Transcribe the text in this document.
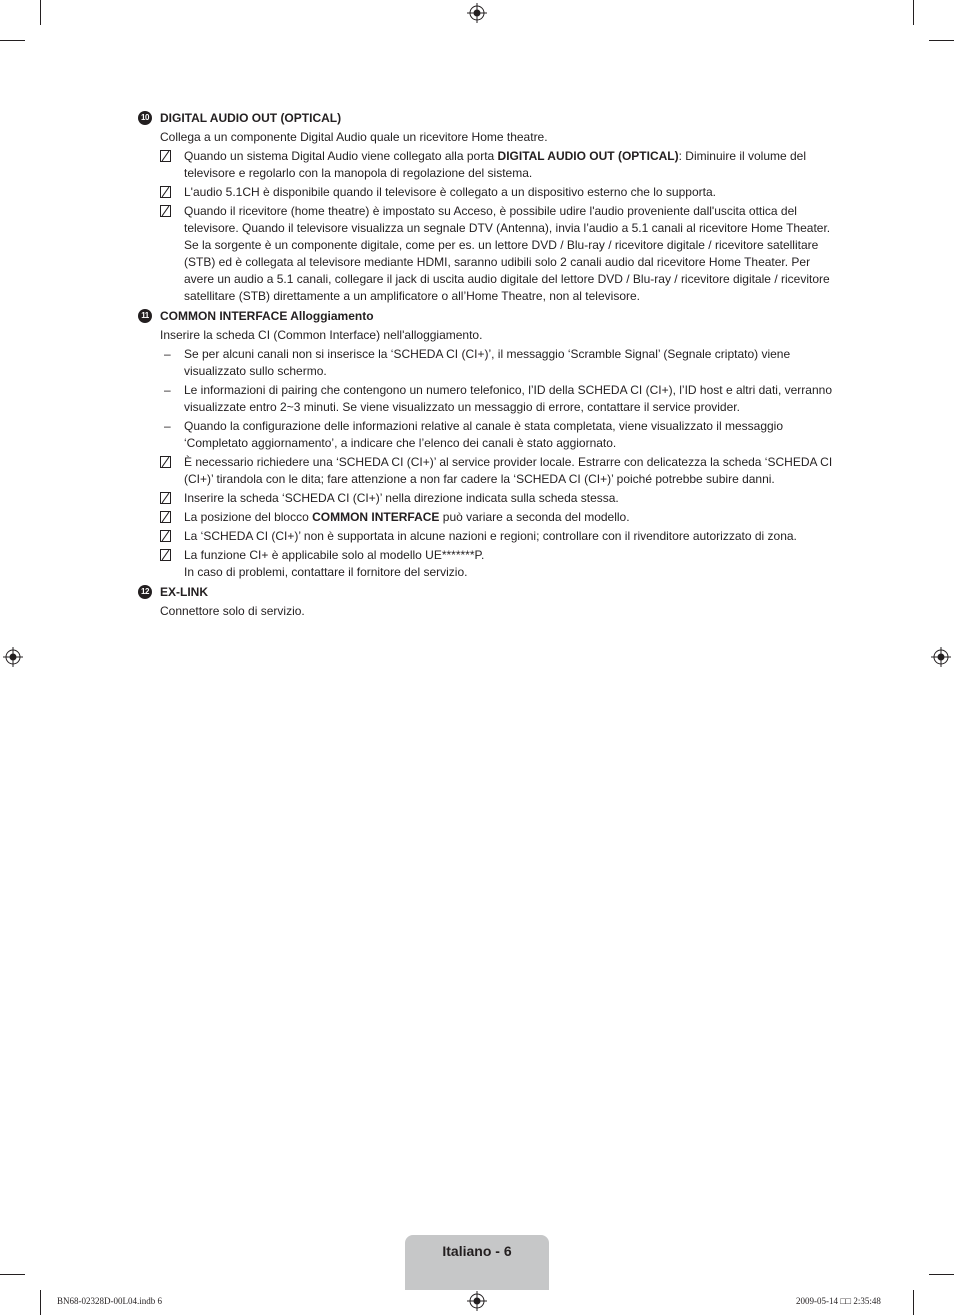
10 DIGITAL AUDIO OUT (OPTICAL)
Collega a un componente Digital Audio quale un ricevitore Home theatre.
Quando un sistema Digital Audio viene collegato alla porta DIGITAL AUDIO OUT (OPTICAL): Diminuire il volume del televisore e regolarlo con la manopola di regolazione del sistema.
L'audio 5.1CH è disponibile quando il televisore è collegato a un dispositivo esterno che lo supporta.
Quando il ricevitore (home theatre) è impostato su Acceso, è possibile udire l'audio proveniente dall'uscita ottica del televisore. Quando il televisore visualizza un segnale DTV (Antenna), invia l’audio a 5.1 canali al ricevitore Home Theater. Se la sorgente è un componente digitale, come per es. un lettore DVD / Blu-ray / ricevitore digitale / ricevitore satellitare (STB) ed è collegata al televisore mediante HDMI, saranno udibili solo 2 canali audio dal ricevitore Home Theater. Per avere un audio a 5.1 canali, collegare il jack di uscita audio digitale del lettore DVD / Blu-ray / ricevitore digitale / ricevitore satellitare (STB) direttamente a un amplificatore o all’Home Theatre, non al televisore.
11 COMMON INTERFACE Alloggiamento
Inserire la scheda CI (Common Interface) nell'alloggiamento.
– Se per alcuni canali non si inserisce la ‘SCHEDA CI (CI+)’, il messaggio ‘Scramble Signal’ (Segnale criptato) viene visualizzato sullo schermo.
– Le informazioni di pairing che contengono un numero telefonico, l’ID della SCHEDA CI (CI+), l’ID host e altri dati, verranno visualizzate entro 2~3 minuti. Se viene visualizzato un messaggio di errore, contattare il service provider.
– Quando la configurazione delle informazioni relative al canale è stata completata, viene visualizzato il messaggio ‘Completato aggiornamento’, a indicare che l’elenco dei canali è stato aggiornato.
È necessario richiedere una ‘SCHEDA CI (CI+)’ al service provider locale. Estrarre con delicatezza la scheda ‘SCHEDA CI (CI+)’ tirandola con le dita; fare attenzione a non far cadere la ‘SCHEDA CI (CI+)’ poiché potrebbe subire danni.
Inserire la scheda ‘SCHEDA CI (CI+)’ nella direzione indicata sulla scheda stessa.
La posizione del blocco COMMON INTERFACE può variare a seconda del modello.
La ‘SCHEDA CI (CI+)’ non è supportata in alcune nazioni e regioni; controllare con il rivenditore autorizzato di zona.
La funzione CI+ è applicabile solo al modello UE*******P.
In caso di problemi, contattare il fornitore del servizio.
12 EX-LINK
Connettore solo di servizio.
Italiano - 6
BN68-02328D-00L04.indb 6	2009-05-14 □□ 2:35:48
